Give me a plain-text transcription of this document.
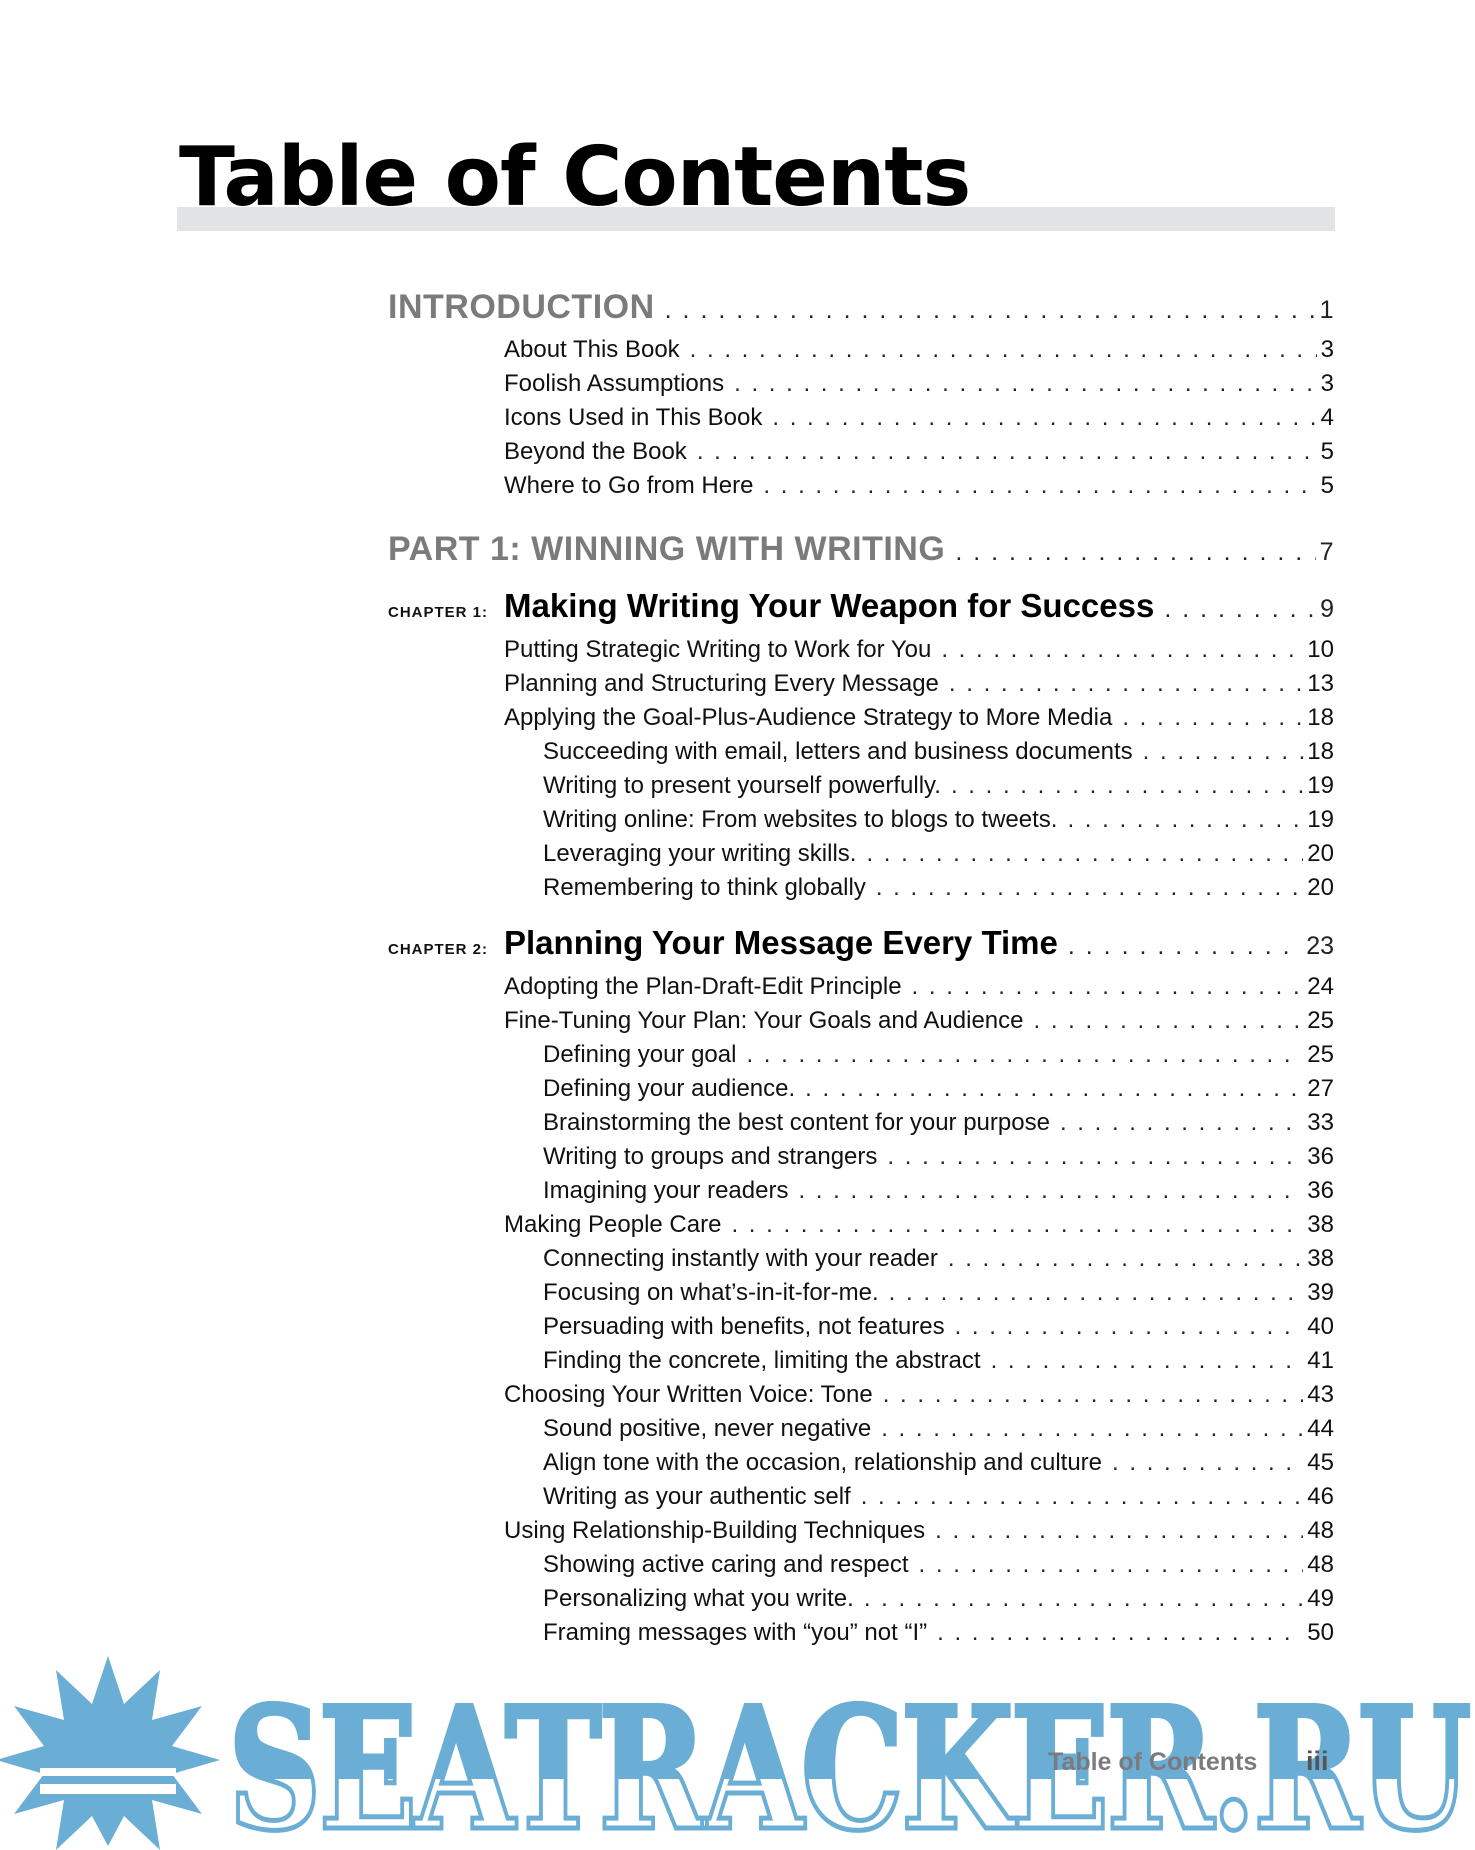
Table of Contents
INTRODUCTION . . .	1
About This Book . . .	3
Foolish Assumptions . . .	3
Icons Used in This Book . . .	4
Beyond the Book . . .	5
Where to Go from Here . . .	5
PART 1: WINNING WITH WRITING . . .	7
CHAPTER 1: Making Writing Your Weapon for Success . . .	9
Putting Strategic Writing to Work for You . . .	10
Planning and Structuring Every Message . . .	13
Applying the Goal-Plus-Audience Strategy to More Media . . .	18
Succeeding with email, letters and business documents . . .	18
Writing to present yourself powerfully. . . .	19
Writing online: From websites to blogs to tweets. . . .	19
Leveraging your writing skills. . . .	20
Remembering to think globally . . .	20
CHAPTER 2: Planning Your Message Every Time . . .	23
Adopting the Plan-Draft-Edit Principle . . .	24
Fine-Tuning Your Plan: Your Goals and Audience . . .	25
Defining your goal . . .	25
Defining your audience. . . .	27
Brainstorming the best content for your purpose . . .	33
Writing to groups and strangers . . .	36
Imagining your readers . . .	36
Making People Care . . .	38
Connecting instantly with your reader . . .	38
Focusing on what’s-in-it-for-me. . . .	39
Persuading with benefits, not features . . .	40
Finding the concrete, limiting the abstract . . .	41
Choosing Your Written Voice: Tone . . .	43
Sound positive, never negative . . .	44
Align tone with the occasion, relationship and culture . . .	45
Writing as your authentic self . . .	46
Using Relationship-Building Techniques . . .	48
Showing active caring and respect . . .	48
Personalizing what you write. . . .	49
Framing messages with “you” not “I” . . .	50
SEATRACKER.RU
Table of Contents iii
